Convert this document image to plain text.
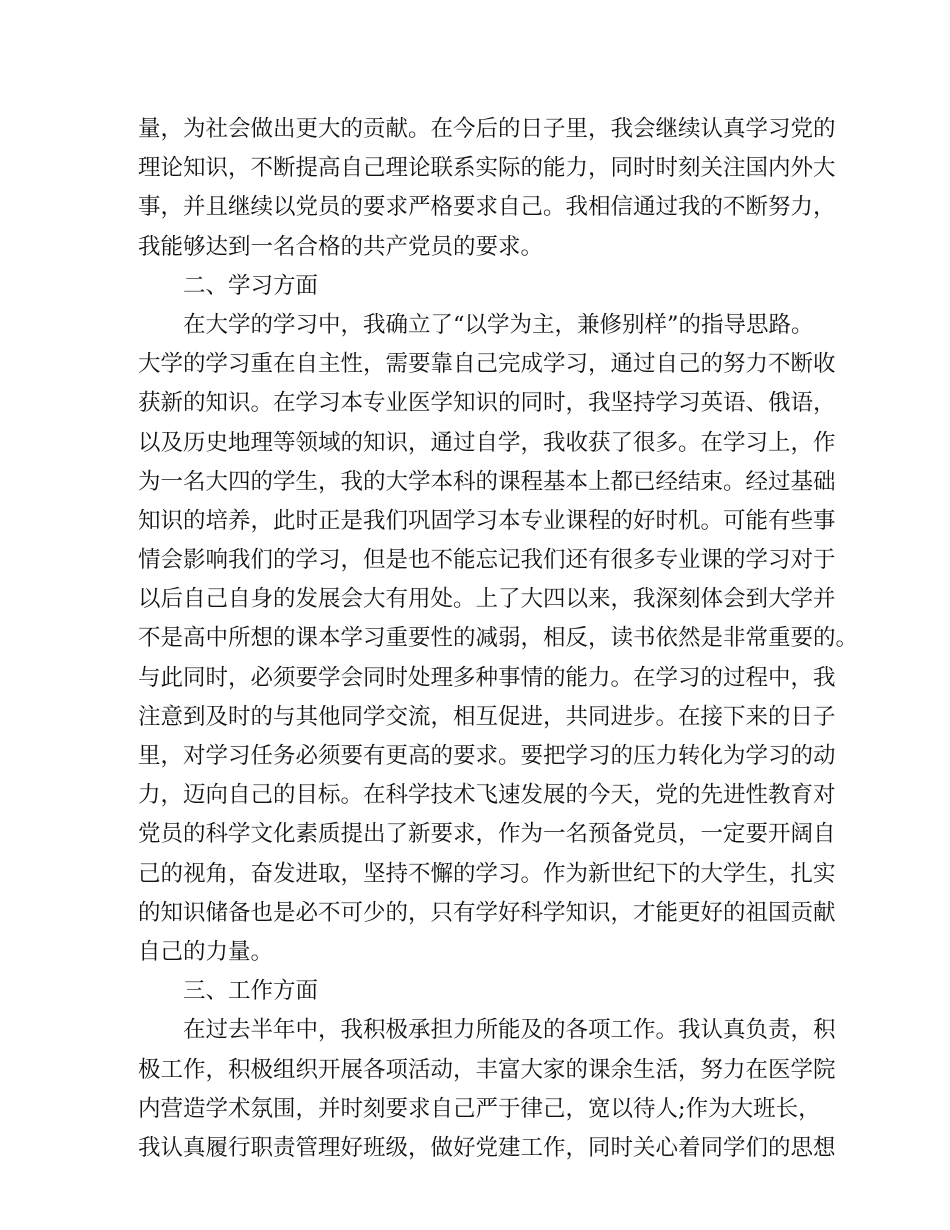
量，为社会做出更大的贡献。在今后的日子里，我会继续认真学习党的
理论知识，不断提高自己理论联系实际的能力，同时时刻关注国内外大
事，并且继续以党员的要求严格要求自己。我相信通过我的不断努力，
我能够达到一名合格的共产党员的要求。
二、学习方面
在大学的学习中，我确立了“以学为主，兼修别样”的指导思路。
大学的学习重在自主性，需要靠自己完成学习，通过自己的努力不断收
获新的知识。在学习本专业医学知识的同时，我坚持学习英语、俄语，
以及历史地理等领域的知识，通过自学，我收获了很多。在学习上，作
为一名大四的学生，我的大学本科的课程基本上都已经结束。经过基础
知识的培养，此时正是我们巩固学习本专业课程的好时机。可能有些事
情会影响我们的学习，但是也不能忘记我们还有很多专业课的学习对于
以后自己自身的发展会大有用处。上了大四以来，我深刻体会到大学并
不是高中所想的课本学习重要性的减弱，相反，读书依然是非常重要的。
与此同时，必须要学会同时处理多种事情的能力。在学习的过程中，我
注意到及时的与其他同学交流，相互促进，共同进步。在接下来的日子
里，对学习任务必须要有更高的要求。要把学习的压力转化为学习的动
力，迈向自己的目标。在科学技术飞速发展的今天，党的先进性教育对
党员的科学文化素质提出了新要求，作为一名预备党员，一定要开阔自
己的视角，奋发进取，坚持不懈的学习。作为新世纪下的大学生，扎实
的知识储备也是必不可少的，只有学好科学知识，才能更好的祖国贡献
自己的力量。
三、工作方面
在过去半年中，我积极承担力所能及的各项工作。我认真负责，积
极工作，积极组织开展各项活动，丰富大家的课余生活，努力在医学院
内营造学术氛围，并时刻要求自己严于律己，宽以待人;作为大班长，
我认真履行职责管理好班级，做好党建工作，同时关心着同学们的思想
